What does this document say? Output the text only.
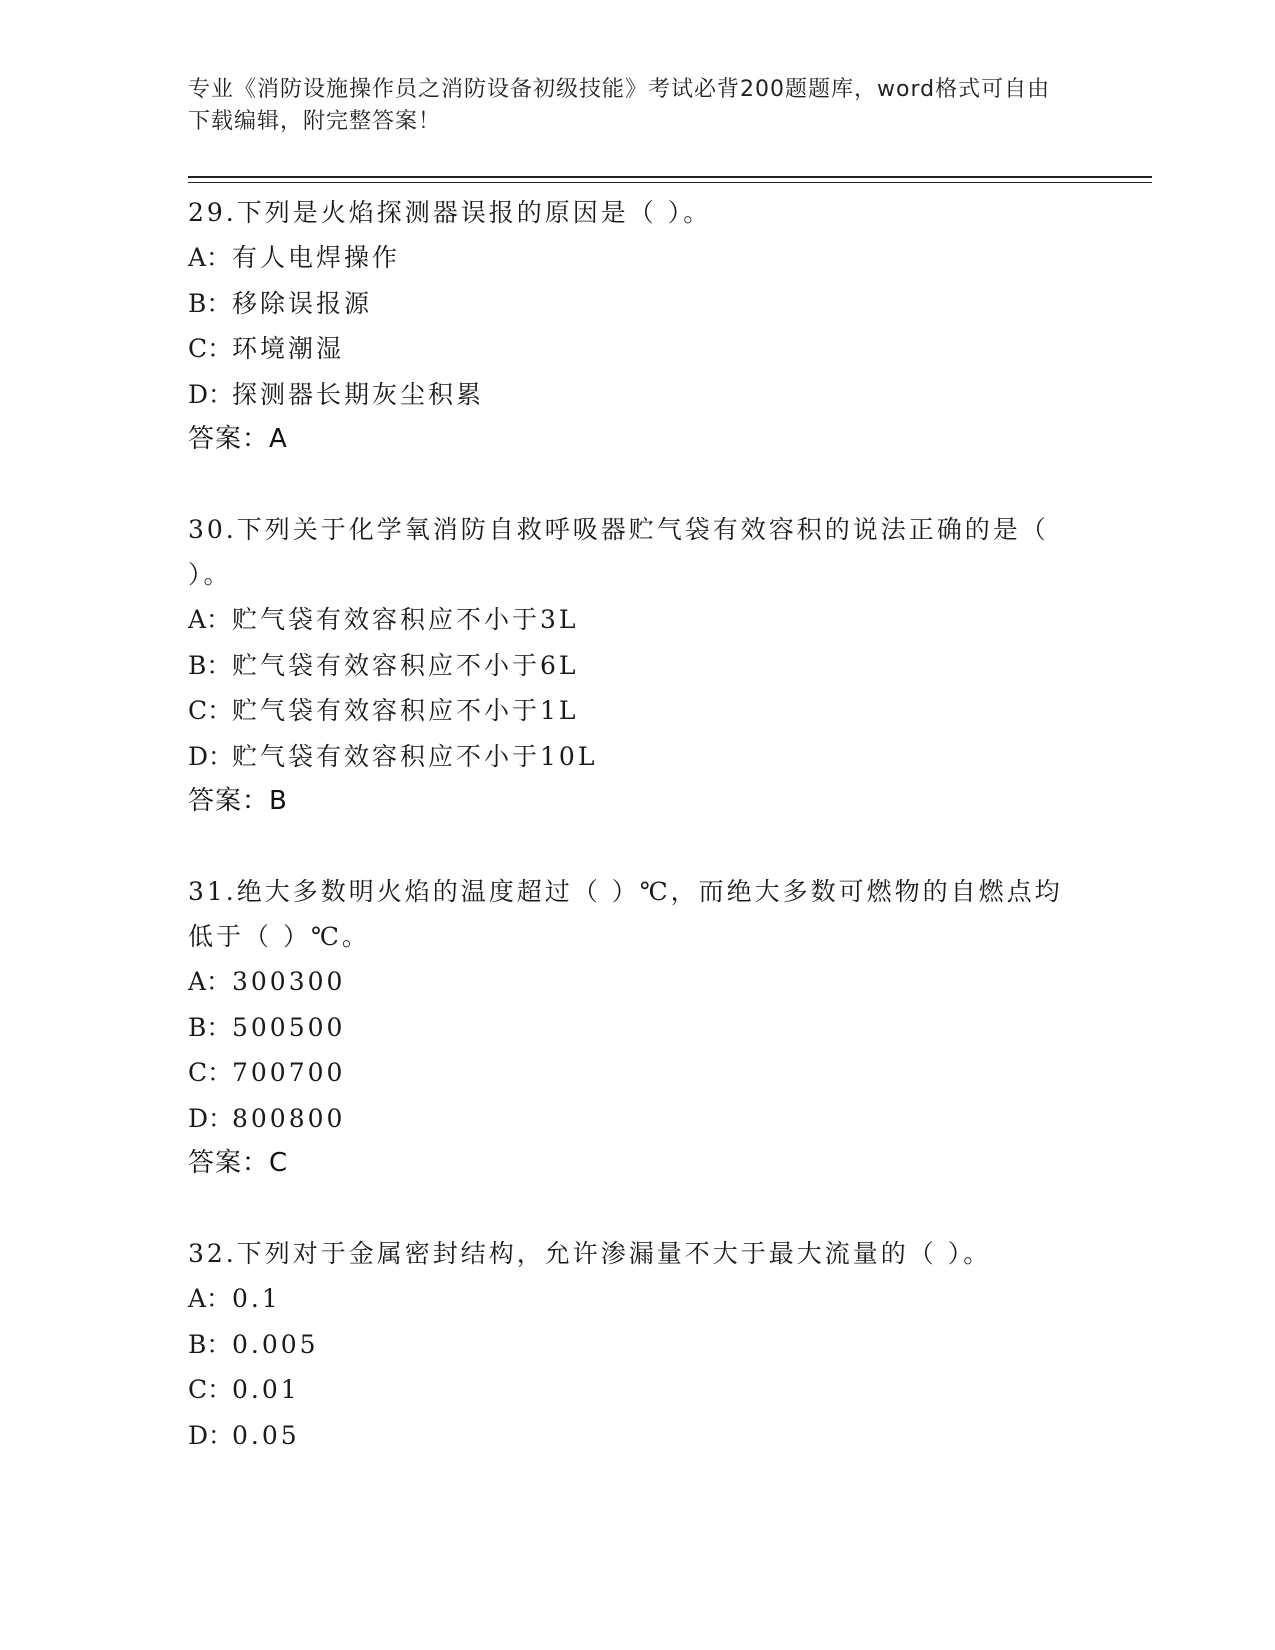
专业《消防设施操作员之消防设备初级技能》考试必背200题题库，word格式可自由下载编辑，附完整答案！
29.下列是火焰探测器误报的原因是（ ）。
A：有人电焊操作
B：移除误报源
C：环境潮湿
D：探测器长期灰尘积累
答案：A
30.下列关于化学氧消防自救呼吸器贮气袋有效容积的说法正确的是（ ）。
A：贮气袋有效容积应不小于3L
B：贮气袋有效容积应不小于6L
C：贮气袋有效容积应不小于1L
D：贮气袋有效容积应不小于10L
答案：B
31.绝大多数明火焰的温度超过（ ）℃，而绝大多数可燃物的自燃点均低于（ ）℃。
A：300300
B：500500
C：700700
D：800800
答案：C
32.下列对于金属密封结构，允许渗漏量不大于最大流量的（ ）。
A：0.1
B：0.005
C：0.01
D：0.05
